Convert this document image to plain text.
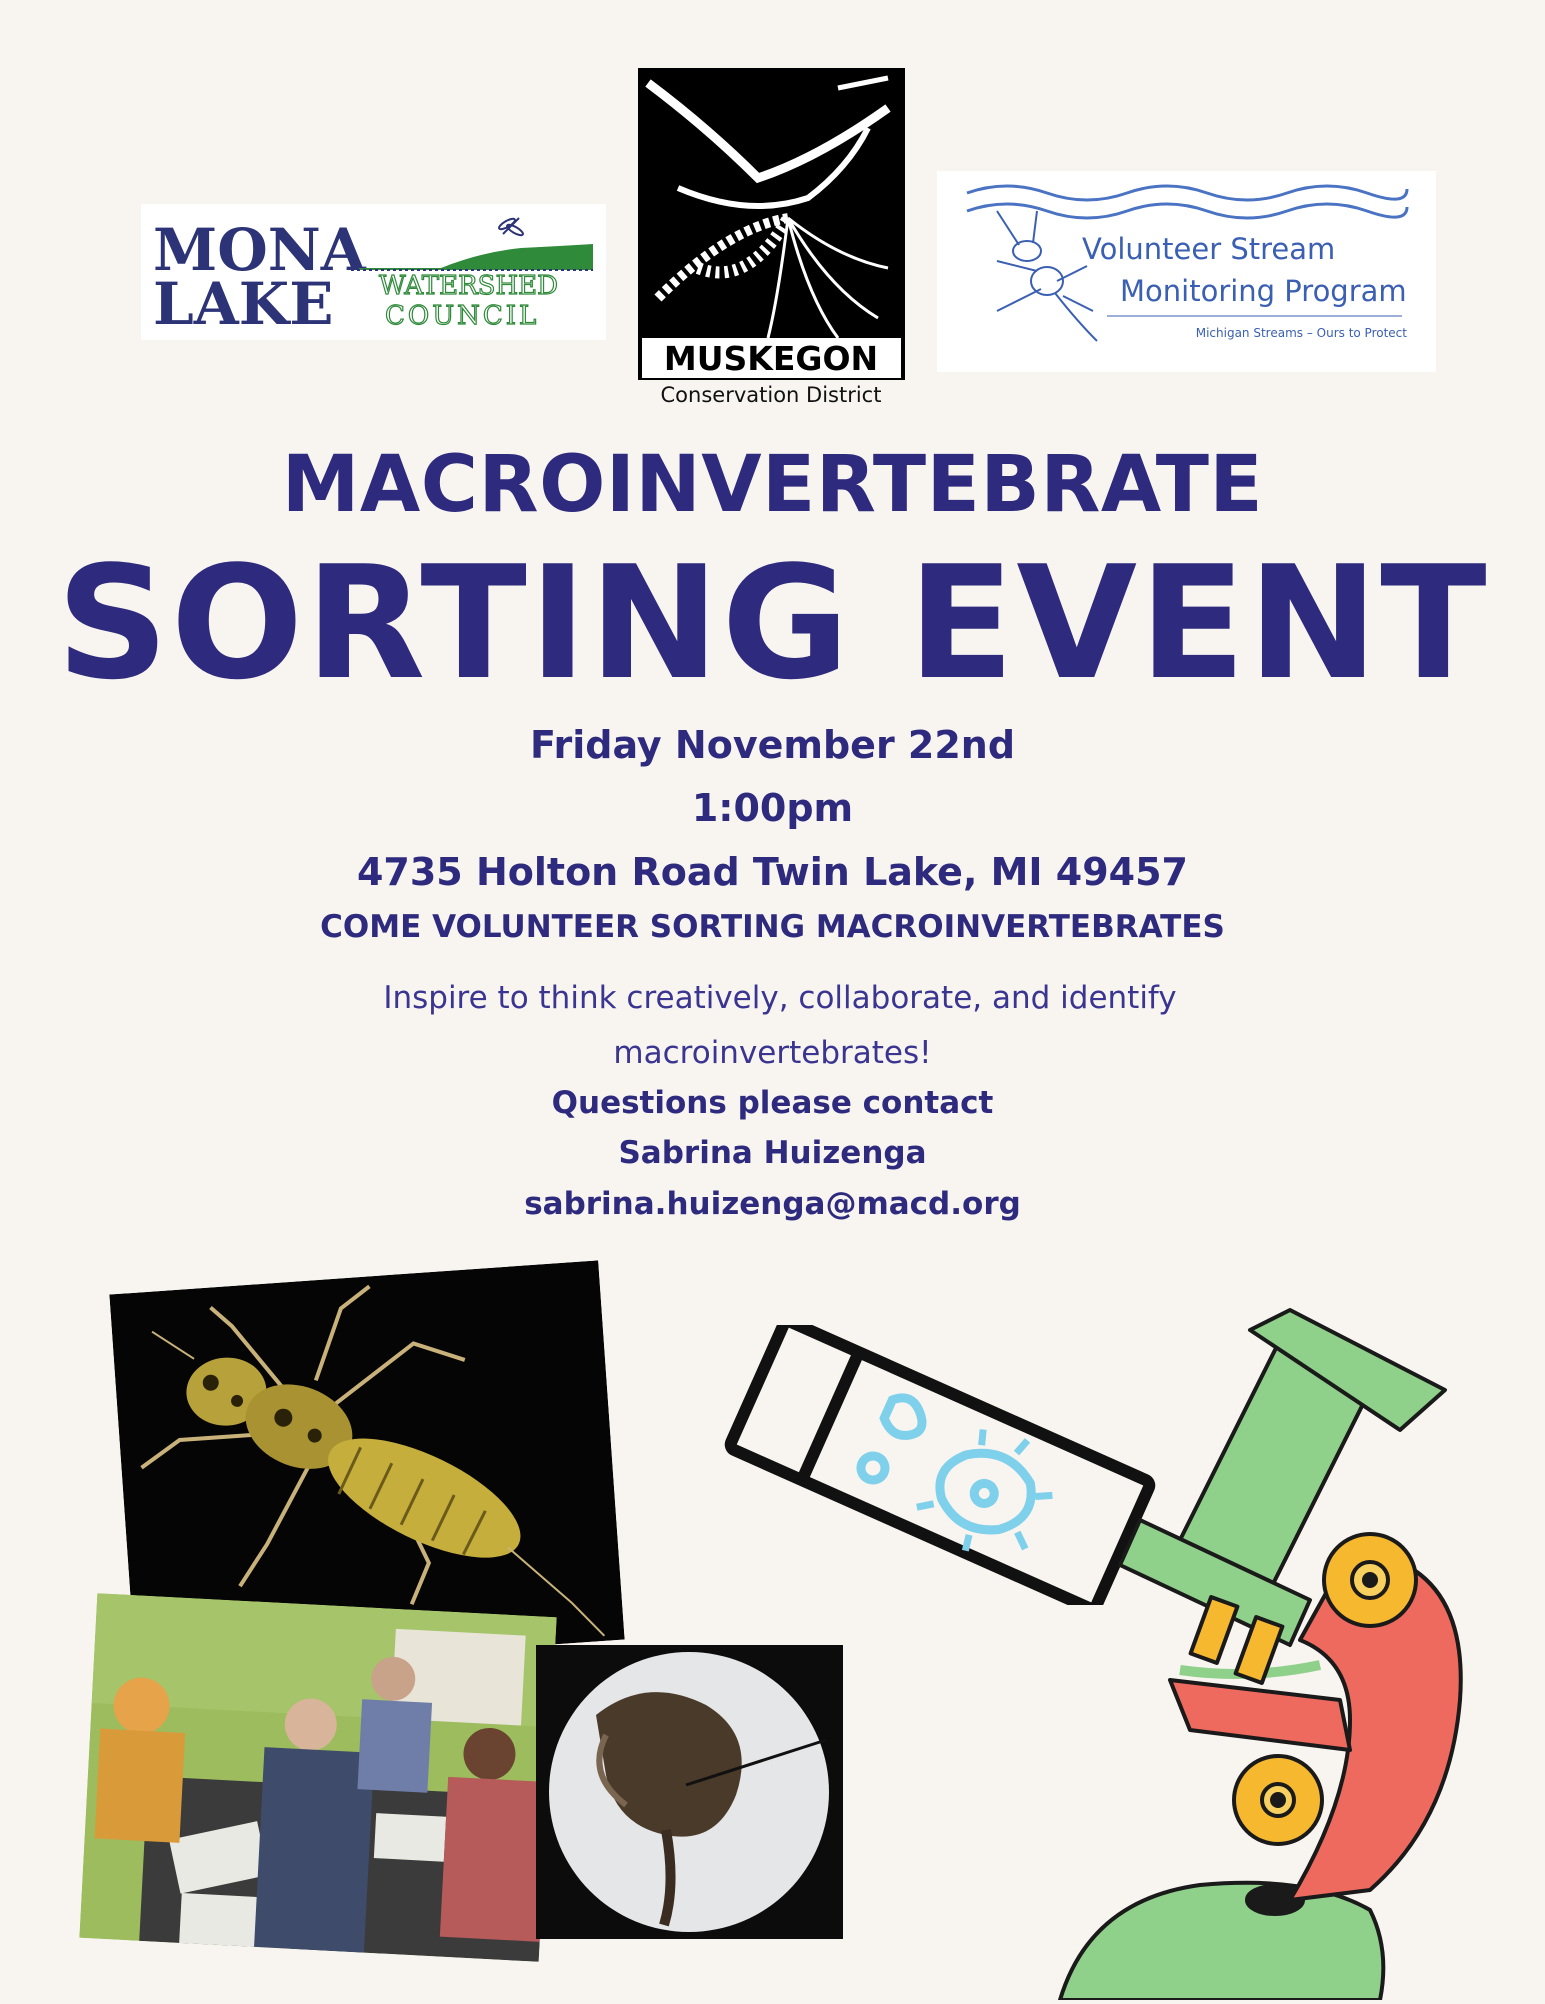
MONA
LAKE WATERSHED
COUNCIL
MUSKEGON
Conservation District
Volunteer Stream
Monitoring Program
Michigan Streams – Ours to Protect
MACROINVERTEBRATE
SORTING EVENT
Friday November 22nd
1:00pm
4735 Holton Road Twin Lake, MI 49457
COME VOLUNTEER SORTING MACROINVERTEBRATES
Inspire to think creatively, collaborate, and identify
macroinvertebrates!
Questions please contact
Sabrina Huizenga
sabrina.huizenga@macd.org
